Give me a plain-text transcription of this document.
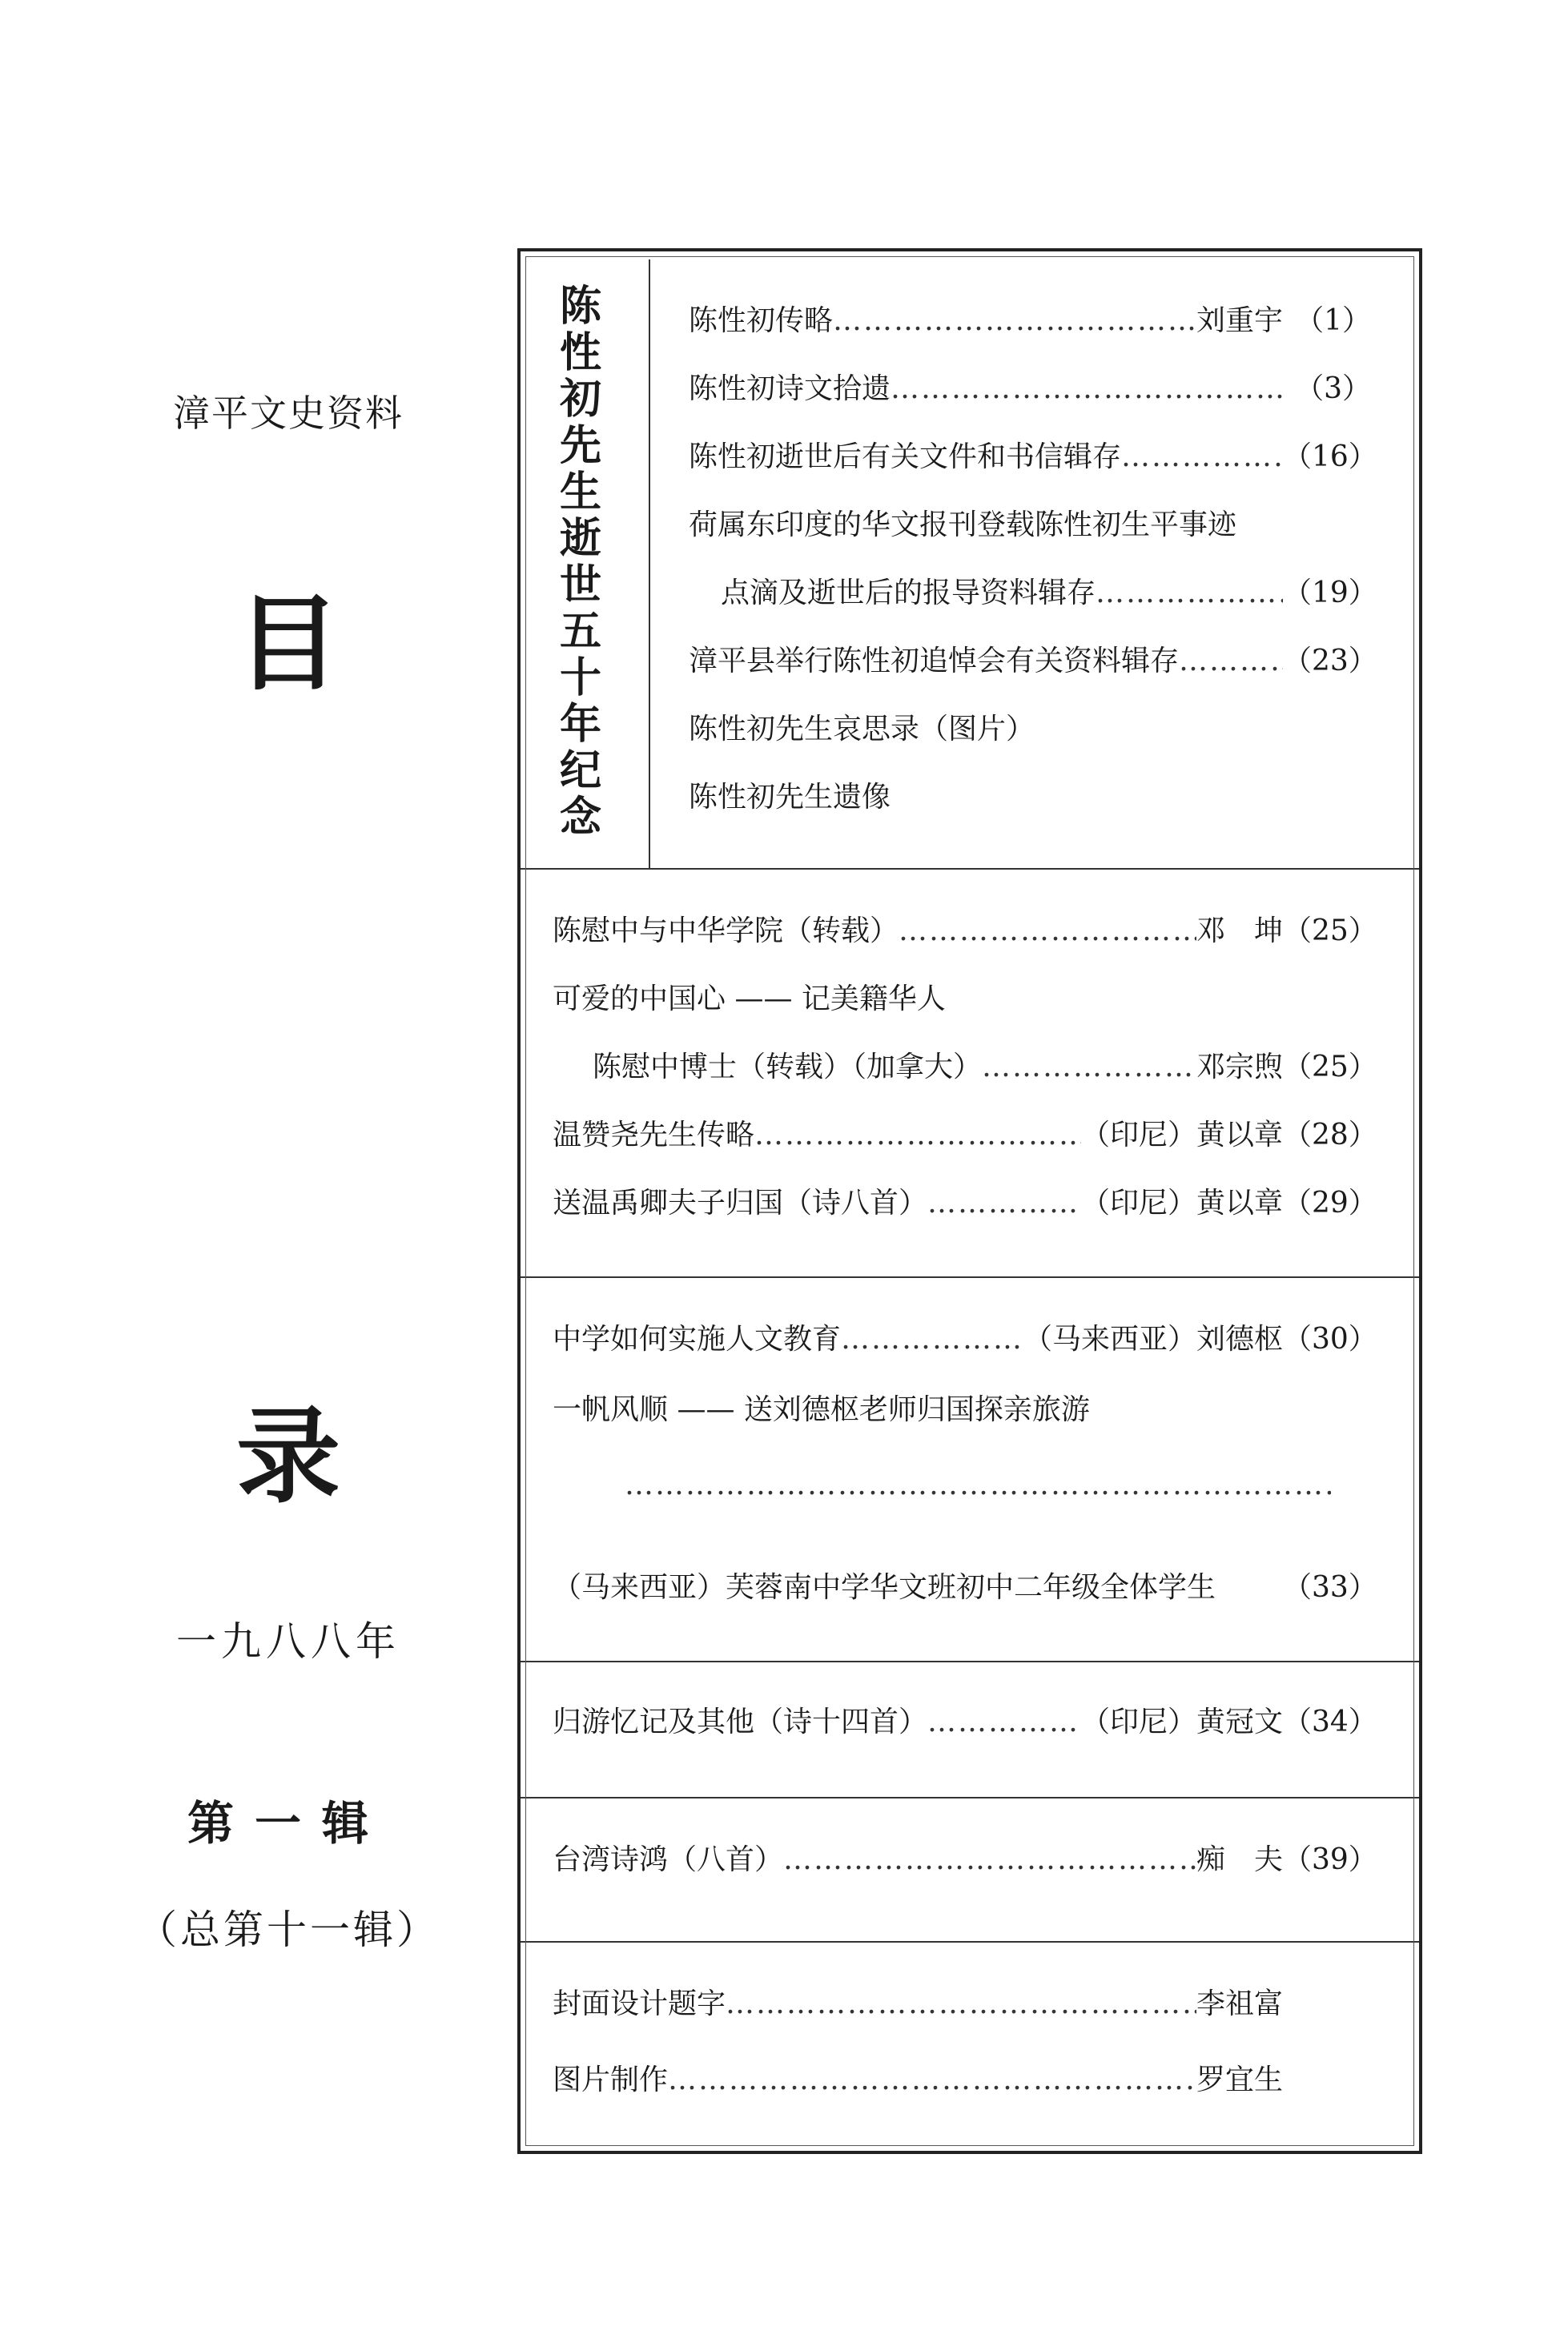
漳平文史资料
目
录
一九八八年
第一辑
（总第十一辑）
陈
性
初
先
生
逝
世
五
十
年
纪
念
陈性初传略 ……………………………………………………………………………………………………………………	刘重宇 （1）
陈性初诗文拾遗 ……………………………………………………………………………………………………………………	（3）
陈性初逝世后有关文件和书信辑存 ……………………………………………………………………………………………………………………	（16）
荷属东印度的华文报刊登载陈性初生平事迹
点滴及逝世后的报导资料辑存 ……………………………………………………………………………………………………………………	（19）
漳平县举行陈性初追悼会有关资料辑存 ……………………………………………………………………………………………………………………	（23）
陈性初先生哀思录（图片）
陈性初先生遗像
陈慰中与中华学院（转载） ……………………………………………………………………………………………………………………	邓　坤 （25）
可爱的中国心 —— 记美籍华人
陈慰中博士（转载）（加拿大） ……………………………………………………………………………………………………………………	邓宗煦 （25）
温赞尧先生传略 ……………………………………………………………………………………………………………………	（印尼）黄以章 （28）
送温禹卿夫子归国（诗八首） ……………………………………………………………………………………………………………………	（印尼）黄以章 （29）
中学如何实施人文教育 ……………………………………………………………………………………………………………………	（马来西亚）刘德枢 （30）
一帆风顺 —— 送刘德枢老师归国探亲旅游
……………………………………………………………………………………………………
（马来西亚）芙蓉南中学华文班初中二年级全体学生 （33）
归游忆记及其他（诗十四首） ……………………………………………………………………………………………………………………	（印尼）黄冠文 （34）
台湾诗鸿（八首） ……………………………………………………………………………………………………………………	痴　夫 （39）
封面设计题字 ……………………………………………………………………………………………………………………	李祖富
图片制作 ……………………………………………………………………………………………………………………	罗宜生
